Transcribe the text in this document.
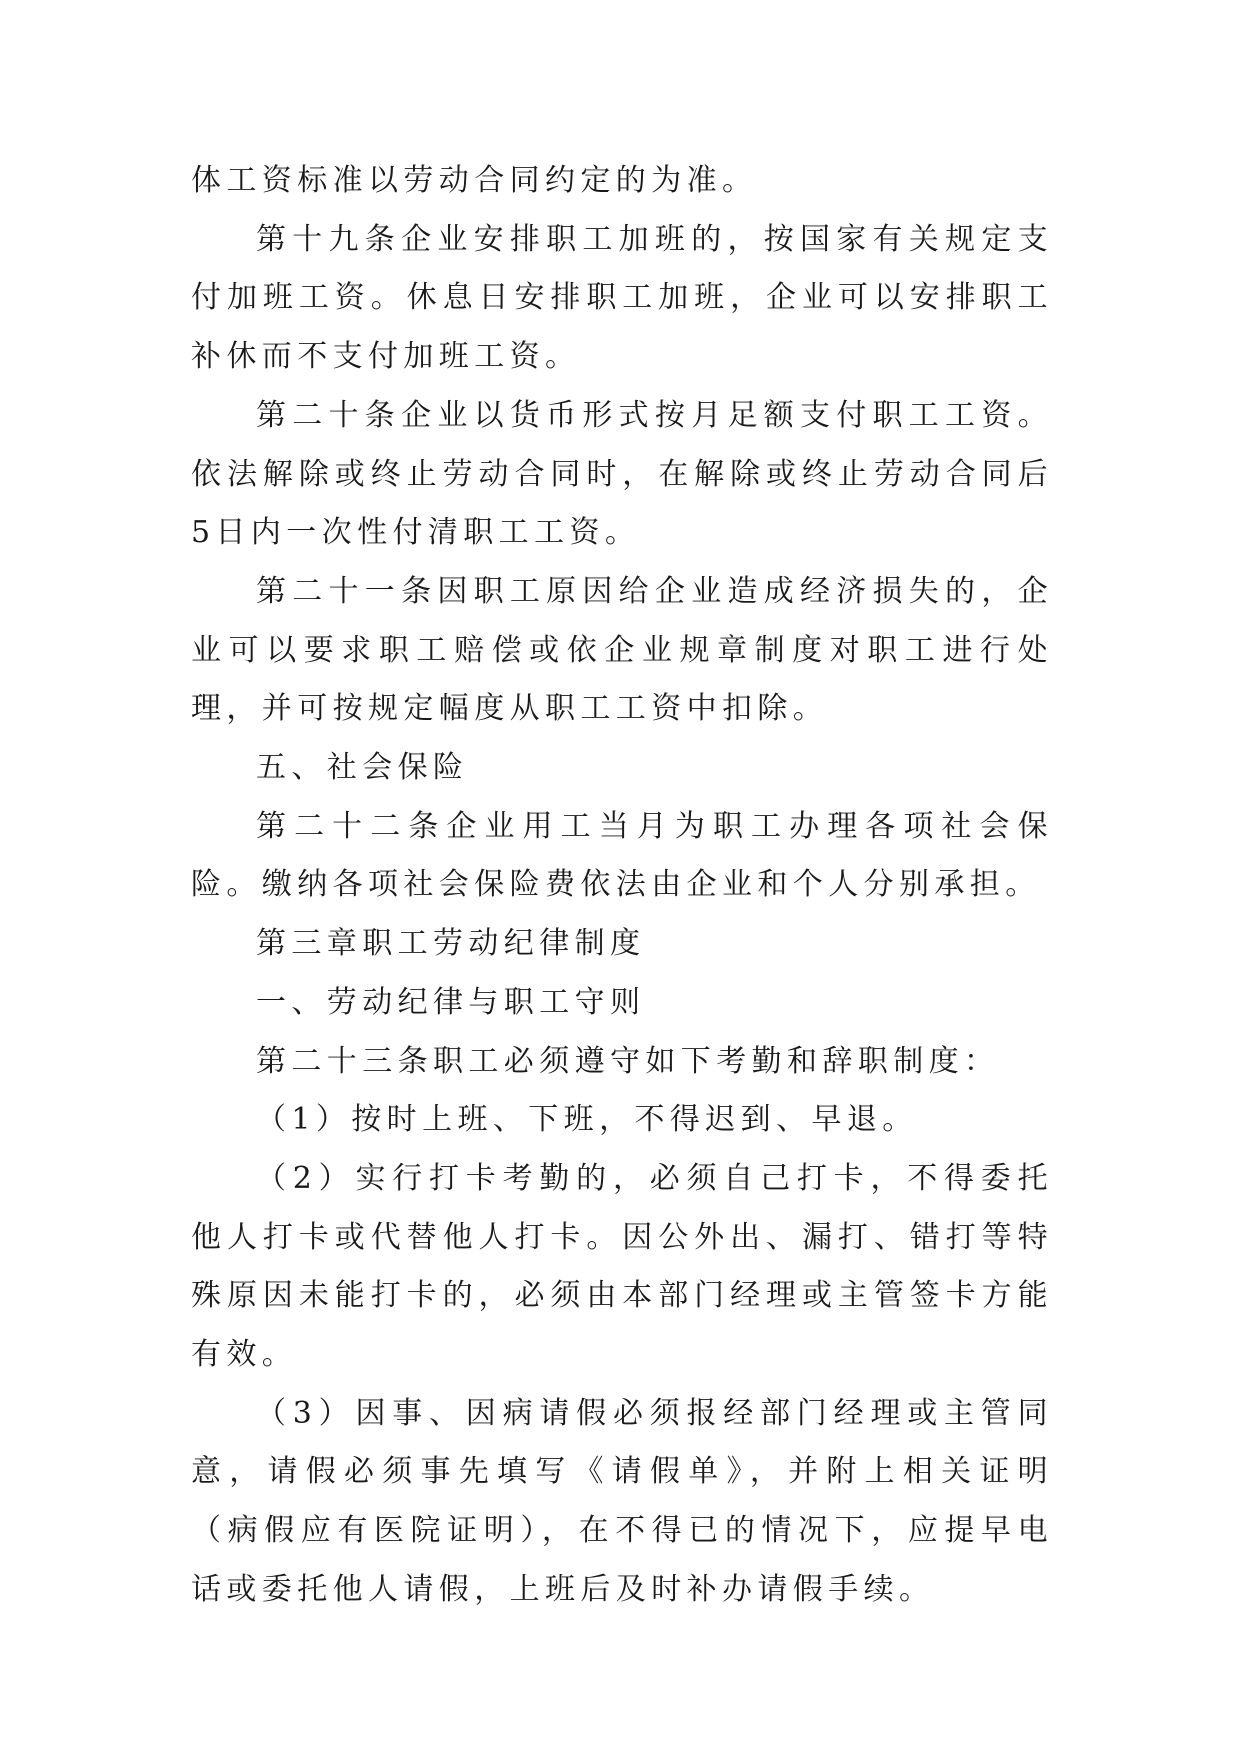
体工资标准以劳动合同约定的为准。

第十九条企业安排职工加班的，按国家有关规定支付加班工资。休息日安排职工加班，企业可以安排职工补休而不支付加班工资。

第二十条企业以货币形式按月足额支付职工工资。依法解除或终止劳动合同时，在解除或终止劳动合同后5日内一次性付清职工工资。

第二十一条因职工原因给企业造成经济损失的，企业可以要求职工赔偿或依企业规章制度对职工进行处理，并可按规定幅度从职工工资中扣除。

五、社会保险

第二十二条企业用工当月为职工办理各项社会保险。缴纳各项社会保险费依法由企业和个人分别承担。

第三章职工劳动纪律制度

一、劳动纪律与职工守则

第二十三条职工必须遵守如下考勤和辞职制度：

（1）按时上班、下班，不得迟到、早退。

（2）实行打卡考勤的，必须自己打卡，不得委托他人打卡或代替他人打卡。因公外出、漏打、错打等特殊原因未能打卡的，必须由本部门经理或主管签卡方能有效。

（3）因事、因病请假必须报经部门经理或主管同意，请假必须事先填写《请假单》，并附上相关证明（病假应有医院证明），在不得已的情况下，应提早电话或委托他人请假，上班后及时补办请假手续。
